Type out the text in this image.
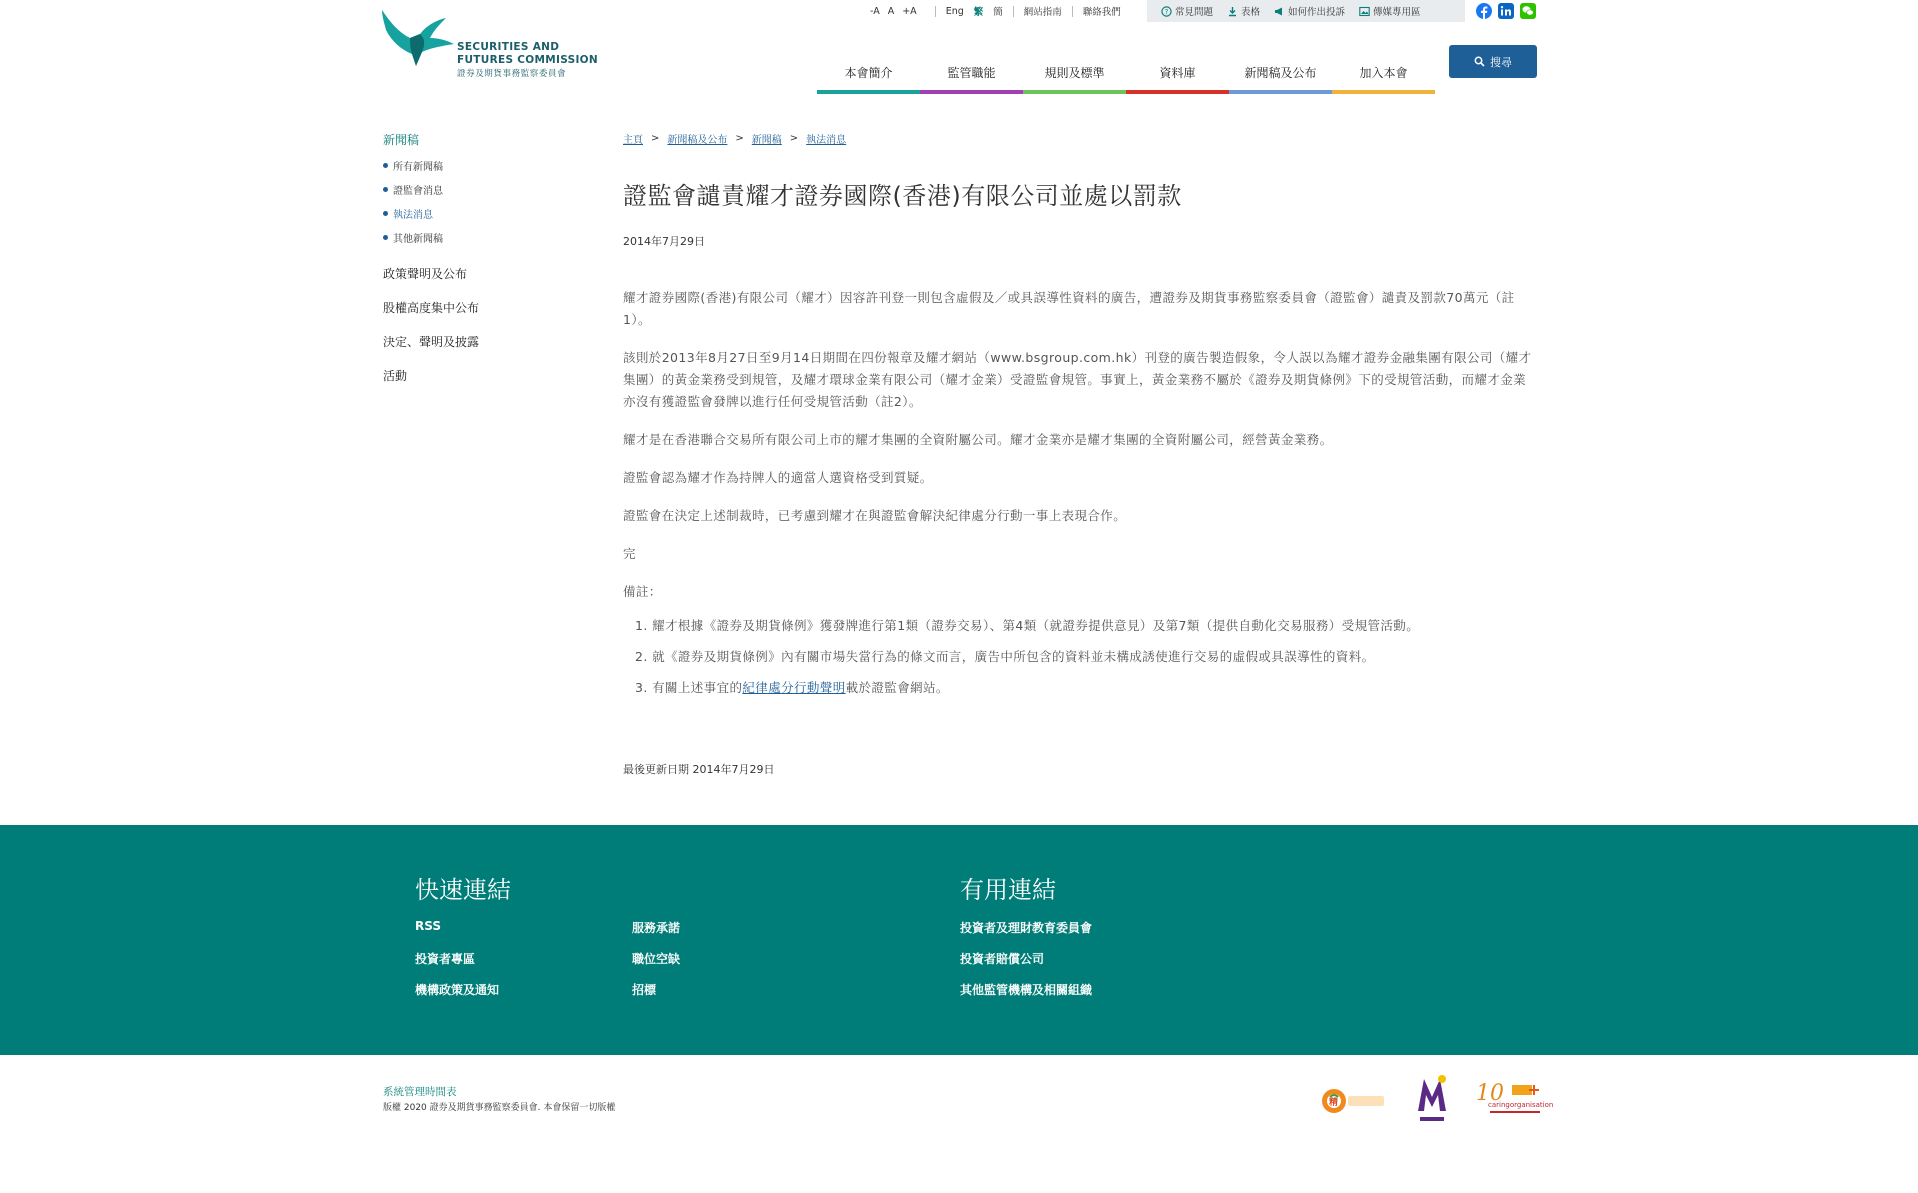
SECURITIES AND
FUTURES COMMISSION
證券及期貨事務監察委員會
-A A +A	Eng 繁 簡 網站指南 聯絡我們	? 常見問題	表格	如何作出投訴	傳媒專用區
搜尋
本會簡介	監管職能	規則及標準	資料庫	新聞稿及公布	加入本會
新聞稿
所有新聞稿
證監會消息
執法消息
其他新聞稿
政策聲明及公布
股權高度集中公布
決定、聲明及披露
活動
主頁 > 新聞稿及公布 > 新聞稿 > 執法消息
證監會譴責耀才證券國際(香港)有限公司並處以罰款
2014年7月29日

耀才證券國際(香港)有限公司（耀才）因容許刊登一則包含虛假及／或具誤導性資料的廣告，遭證券及期貨事務監察委員會（證監會）譴責及罰款70萬元（註1）。

該則於2013年8月27日至9月14日期間在四份報章及耀才網站（www.bsgroup.com.hk）刊登的廣告製造假象，令人誤以為耀才證券金融集團有限公司（耀才集團）的黃金業務受到規管，及耀才環球金業有限公司（耀才金業）受證監會規管。事實上，黃金業務不屬於《證券及期貨條例》下的受規管活動，而耀才金業亦沒有獲證監會發牌以進行任何受規管活動（註2）。

耀才是在香港聯合交易所有限公司上市的耀才集團的全資附屬公司。耀才金業亦是耀才集團的全資附屬公司，經營黃金業務。

證監會認為耀才作為持牌人的適當人選資格受到質疑。

證監會在決定上述制裁時，已考慮到耀才在與證監會解決紀律處分行動一事上表現合作。

完

備註：

1. 耀才根據《證券及期貨條例》獲發牌進行第1類（證券交易）、第4類（就證券提供意見）及第7類（提供自動化交易服務）受規管活動。
2. 就《證券及期貨條例》內有關市場失當行為的條文而言，廣告中所包含的資料並未構成誘使進行交易的虛假或具誤導性的資料。
3. 有關上述事宜的紀律處分行動聲明載於證監會網站。
最後更新日期 2014年7月29日
快速連結	有用連結
RSS
投資者專區
機構政策及通知
服務承諾
職位空缺
招標
投資者及理財教育委員會
投資者賠償公司
其他監管機構及相關組織
系統管理時間表
版權 2020 證券及期貨事務監察委員會. 本會保留一切版權	精	10
caringorganisation
